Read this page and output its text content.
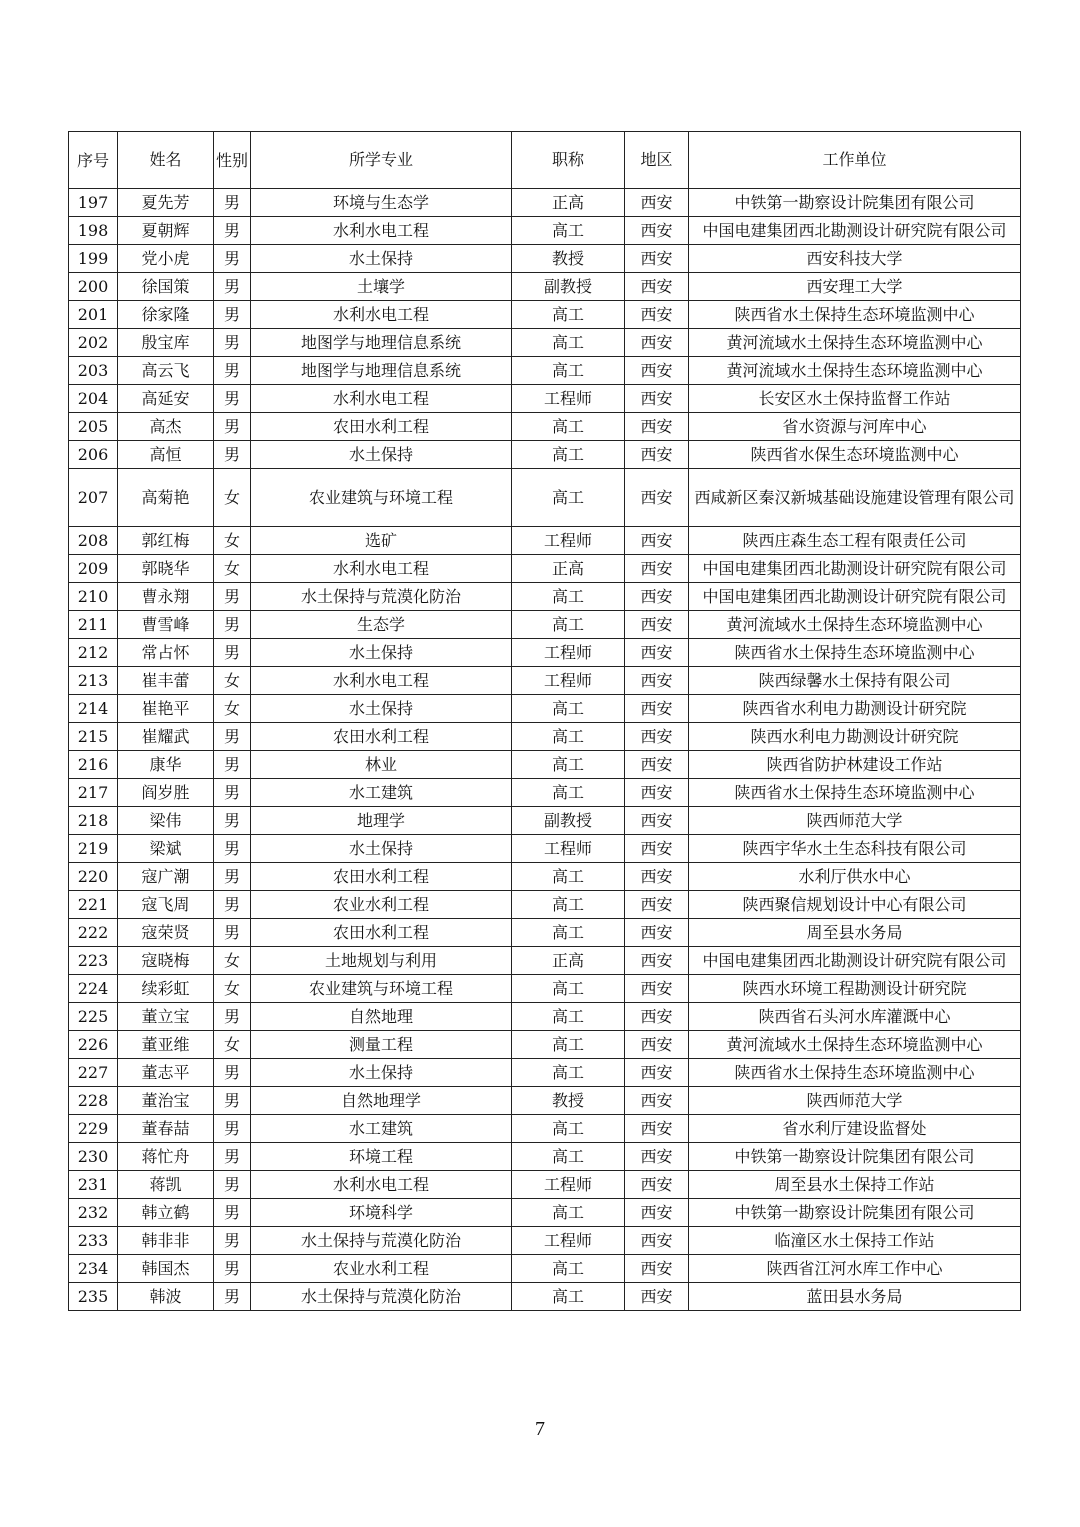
序号	姓名	性别	所学专业	职称	地区	工作单位
197	夏先芳	男	环境与生态学	正高	西安	中铁第一勘察设计院集团有限公司
198	夏朝辉	男	水利水电工程	高工	西安	中国电建集团西北勘测设计研究院有限公司
199	党小虎	男	水土保持	教授	西安	西安科技大学
200	徐国策	男	土壤学	副教授	西安	西安理工大学
201	徐家隆	男	水利水电工程	高工	西安	陕西省水土保持生态环境监测中心
202	殷宝库	男	地图学与地理信息系统	高工	西安	黄河流域水土保持生态环境监测中心
203	高云飞	男	地图学与地理信息系统	高工	西安	黄河流域水土保持生态环境监测中心
204	高延安	男	水利水电工程	工程师	西安	长安区水土保持监督工作站
205	高杰	男	农田水利工程	高工	西安	省水资源与河库中心
206	高恒	男	水土保持	高工	西安	陕西省水保生态环境监测中心
207	高菊艳	女	农业建筑与环境工程	高工	西安	西咸新区秦汉新城基础设施建设管理有限公司
208	郭红梅	女	选矿	工程师	西安	陕西庄森生态工程有限责任公司
209	郭晓华	女	水利水电工程	正高	西安	中国电建集团西北勘测设计研究院有限公司
210	曹永翔	男	水土保持与荒漠化防治	高工	西安	中国电建集团西北勘测设计研究院有限公司
211	曹雪峰	男	生态学	高工	西安	黄河流域水土保持生态环境监测中心
212	常占怀	男	水土保持	工程师	西安	陕西省水土保持生态环境监测中心
213	崔丰蕾	女	水利水电工程	工程师	西安	陕西绿馨水土保持有限公司
214	崔艳平	女	水土保持	高工	西安	陕西省水利电力勘测设计研究院
215	崔耀武	男	农田水利工程	高工	西安	陕西水利电力勘测设计研究院
216	康华	男	林业	高工	西安	陕西省防护林建设工作站
217	阎岁胜	男	水工建筑	高工	西安	陕西省水土保持生态环境监测中心
218	梁伟	男	地理学	副教授	西安	陕西师范大学
219	梁斌	男	水土保持	工程师	西安	陕西宇华水土生态科技有限公司
220	寇广潮	男	农田水利工程	高工	西安	水利厅供水中心
221	寇飞周	男	农业水利工程	高工	西安	陕西聚信规划设计中心有限公司
222	寇荣贤	男	农田水利工程	高工	西安	周至县水务局
223	寇晓梅	女	土地规划与利用	正高	西安	中国电建集团西北勘测设计研究院有限公司
224	续彩虹	女	农业建筑与环境工程	高工	西安	陕西水环境工程勘测设计研究院
225	董立宝	男	自然地理	高工	西安	陕西省石头河水库灌溉中心
226	董亚维	女	测量工程	高工	西安	黄河流域水土保持生态环境监测中心
227	董志平	男	水土保持	高工	西安	陕西省水土保持生态环境监测中心
228	董治宝	男	自然地理学	教授	西安	陕西师范大学
229	董春喆	男	水工建筑	高工	西安	省水利厅建设监督处
230	蒋忙舟	男	环境工程	高工	西安	中铁第一勘察设计院集团有限公司
231	蒋凯	男	水利水电工程	工程师	西安	周至县水土保持工作站
232	韩立鹤	男	环境科学	高工	西安	中铁第一勘察设计院集团有限公司
233	韩非非	男	水土保持与荒漠化防治	工程师	西安	临潼区水土保持工作站
234	韩国杰	男	农业水利工程	高工	西安	陕西省江河水库工作中心
235	韩波	男	水土保持与荒漠化防治	高工	西安	蓝田县水务局
7
